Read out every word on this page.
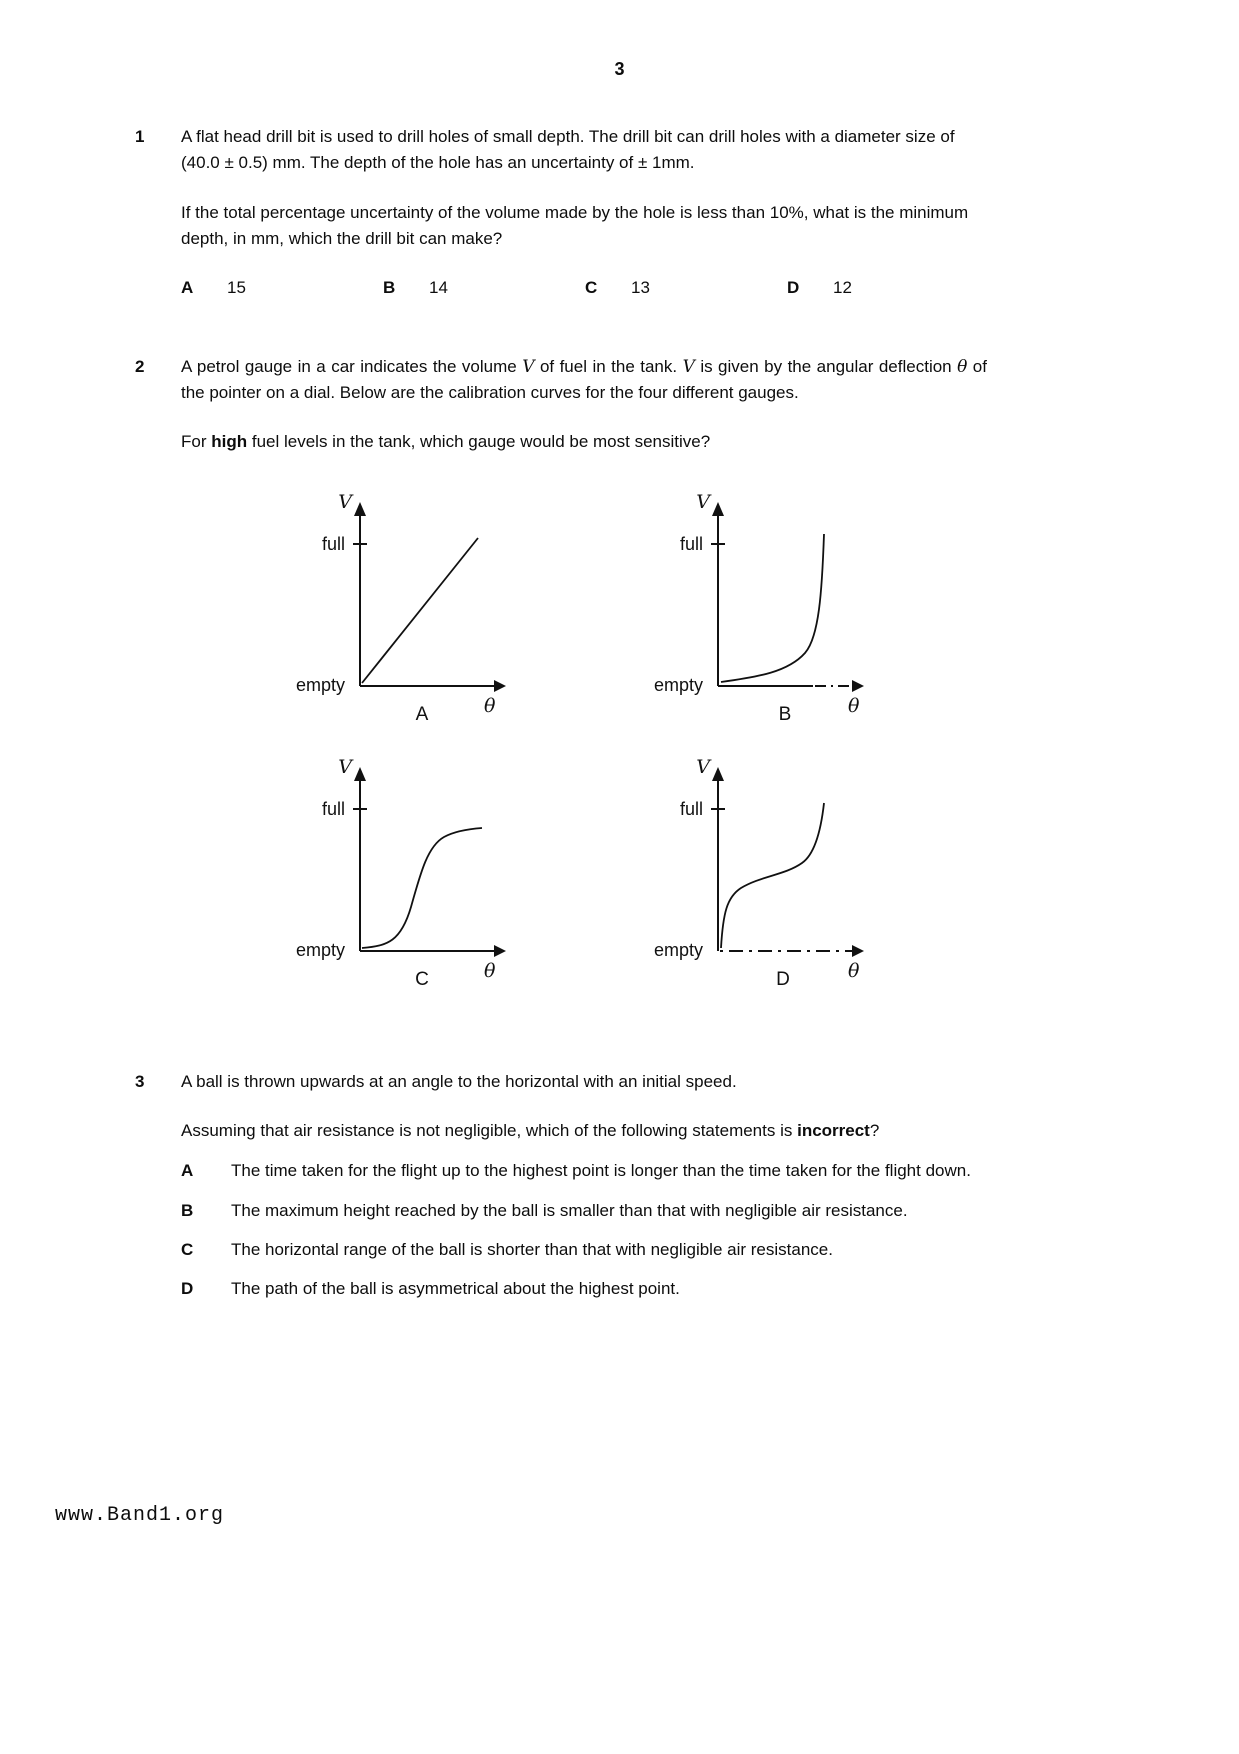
3
1	A flat head drill bit is used to drill holes of small depth. The drill bit can drill holes with a diameter size of (40.0 ± 0.5) mm. The depth of the hole has an uncertainty of ± 1mm.

If the total percentage uncertainty of the volume made by the hole is less than 10%, what is the minimum depth, in mm, which the drill bit can make?

A	15	B	14	C	13	D	12
2	A petrol gauge in a car indicates the volume V of fuel in the tank. V is given by the angular deflection θ of the pointer on a dial. Below are the calibration curves for the four different gauges.

For high fuel levels in the tank, which gauge would be most sensitive?

V
full
empty
θ
A
V
full
empty
θ
B
V
full
empty
θ
C
V
full
empty
θ
D
3	A ball is thrown upwards at an angle to the horizontal with an initial speed.

Assuming that air resistance is not negligible, which of the following statements is incorrect?

A	The time taken for the flight up to the highest point is longer than the time taken for the flight down.
B	The maximum height reached by the ball is smaller than that with negligible air resistance.
C	The horizontal range of the ball is shorter than that with negligible air resistance.
D	The path of the ball is asymmetrical about the highest point.
www.Band1.org
